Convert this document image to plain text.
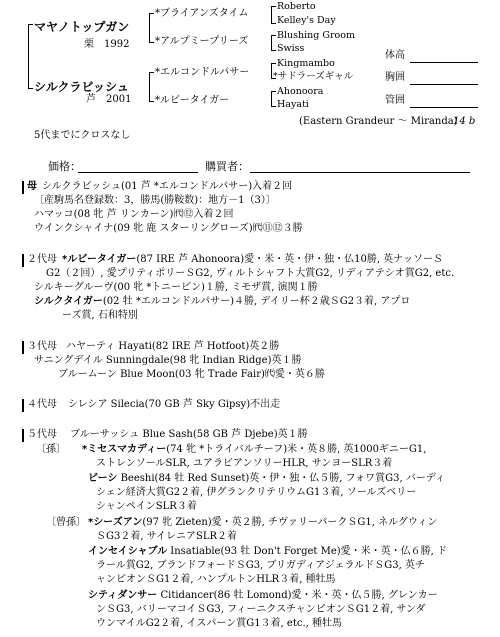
マヤノトップガン
栗　1992
シルクラビッシュ
芦　2001
*ブライアンズタイム
*アルプミープリーズ
*エルコンドルパサー
*ルビータイガー
Roberto
Kelley's Day
Blushing Groom
Swiss
Kingmambo
*サドラーズギャル
Ahonoora
Hayati
(Eastern Grandeur ～ Miranda)
14 b
体高
胸囲
管囲
5代までにクロスなし
価格：	購買者：
母 シルクラビッシュ(01 芦 *エルコンドルパサー)入着２回
〔産駒馬名登録数：3，勝馬(勝鞍数)：地方－1（3）〕
ハマッコ(08 牝 芦 リンカーン)㈹⑫入着２回
ウインクシャイナ(09 牝 鹿 スターリングローズ)㈹⑪⑫３勝
２代母 *ルビータイガー(87 IRE 芦 Ahonoora)愛・米・英・伊・独・仏10勝, 英ナッソーＳ
G2（２回）, 愛プリティポリーＳG2, ヴィルトシャフト大賞G2, リディアテシオ賞G2, etc.
シルキーグルーヴ(00 牝 *トニービン)１勝, ミモザ賞, 演関１勝
シルクタイガー(02 牡 *エルコンドルパサー)４勝, デイリー杯２歳ＳG2３着, アプロ
ーズ賞, 石和特別
３代母 ハヤーティ Hayati(82 IRE 芦 Hotfoot)英２勝
サニングデイル Sunningdale(98 牝 Indian Ridge)英１勝
ブルームーン Blue Moon(03 牝 Trade Fair)㈹愛・英６勝
４代母 シレシア Silecia(70 GB 芦 Sky Gipsy)不出走
５代母 ブルーサッシュ Blue Sash(58 GB 芦 Djebe)英１勝
〔孫〕 *ミセスマカディー(74 牝 *トライバルチーフ)米・英８勝, 英1000ギニーG1,
ストレンソールSLR, ユアラビアンソリーHLR, サンヨーSLR３着
ビーシ Beeshi(84 牡 Red Sunset)英・伊・独・仏５勝, フォワ賞G3, バーディ
シェン経済大賞G2２着, 伊グランクリテリウムG1３着, ソールズベリー
シャンペインSLR３着
〔曾孫〕 *シーズアン(97 牝 Zieten)愛・英２勝, チヴァリーパークＳG1, ネルグウィン
ＳG3２着, サイレニアSLR２着
インセイシャブル Insatiable(93 牡 Don't Forget Me)愛・米・英・仏６勝, ド
ラール賞G2, ブランドフォードＳG3, ブリガディアジェラルドＳG3, 英チ
ャンピオンＳG1２着, ハンプルトンHLR３着, 種牡馬
シティダンサー Citidancer(86 牡 Lomond)愛・米・英・仏５勝, グレンカー
ンＳG3, バリーマコイＳG3, フィーニクスチャンピオンＳG1２着, サンダ
ウンマイルG2２着, イスパーン賞G1３着, etc., 種牡馬
